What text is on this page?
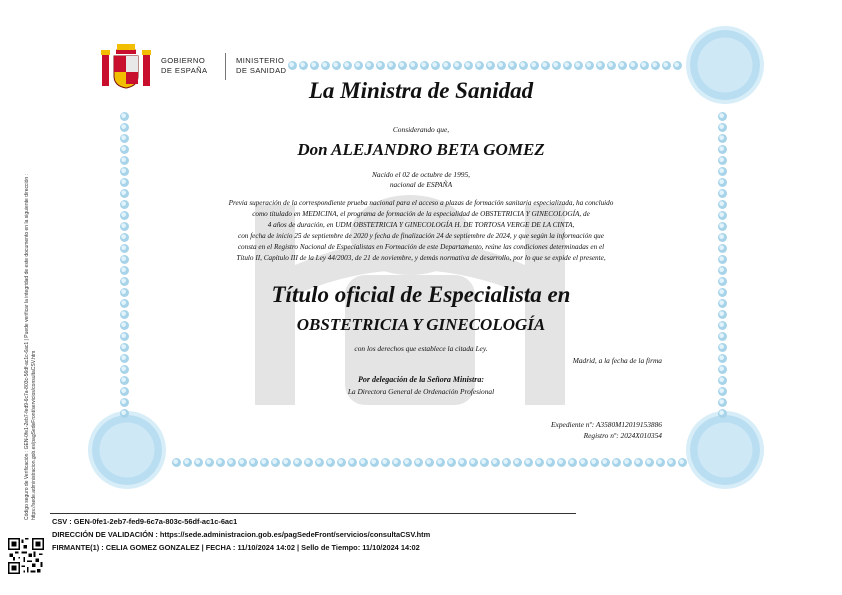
GOBIERNO
DE ESPAÑA
MINISTERIO
DE SANIDAD
La Ministra de Sanidad
Considerando que,
Don ALEJANDRO BETA GOMEZ
Nacido el 02 de octubre de 1995,
nacional de ESPAÑA
Previa superación de la correspondiente prueba nacional para el acceso a plazas de formación sanitaria especializada, ha concluido
como titulado en MEDICINA, el programa de formación de la especialidad de OBSTETRICIA Y GINECOLOGÍA, de
4 años de duración, en UDM OBSTETRICIA Y GINECOLOGÍA H. DE TORTOSA VERGE DE LA CINTA,
con fecha de inicio 25 de septiembre de 2020 y fecha de finalización 24 de septiembre de 2024, y que según la información que
consta en el Registro Nacional de Especialistas en Formación de este Departamento, reúne las condiciones determinadas en el
Título II, Capítulo III de la Ley 44/2003, de 21 de noviembre, y demás normativa de desarrollo, por lo que se expide el presente,
Título oficial de Especialista en
OBSTETRICIA Y GINECOLOGÍA
con los derechos que establece la citada Ley.
Madrid, a la fecha de la firma
Por delegación de la Señora Ministra:
La Directora General de Ordenación Profesional
Expediente nº: A3580M12019153886
Registro nº: 2024X010354
Código seguro de Verificación : GEN-0fe1-2eb7-fed9-6c7a-803c-56df-ac1c-6ac1 | Puede verificar la integridad de este documento en la siguiente dirección : https://sede.administracion.gob.es/pagSedeFront/servicios/consultaCSV.htm
CSV : GEN-0fe1-2eb7-fed9-6c7a-803c-56df-ac1c-6ac1
DIRECCIÓN DE VALIDACIÓN : https://sede.administracion.gob.es/pagSedeFront/servicios/consultaCSV.htm
FIRMANTE(1) : CELIA GOMEZ GONZALEZ | FECHA : 11/10/2024 14:02 | Sello de Tiempo: 11/10/2024 14:02
